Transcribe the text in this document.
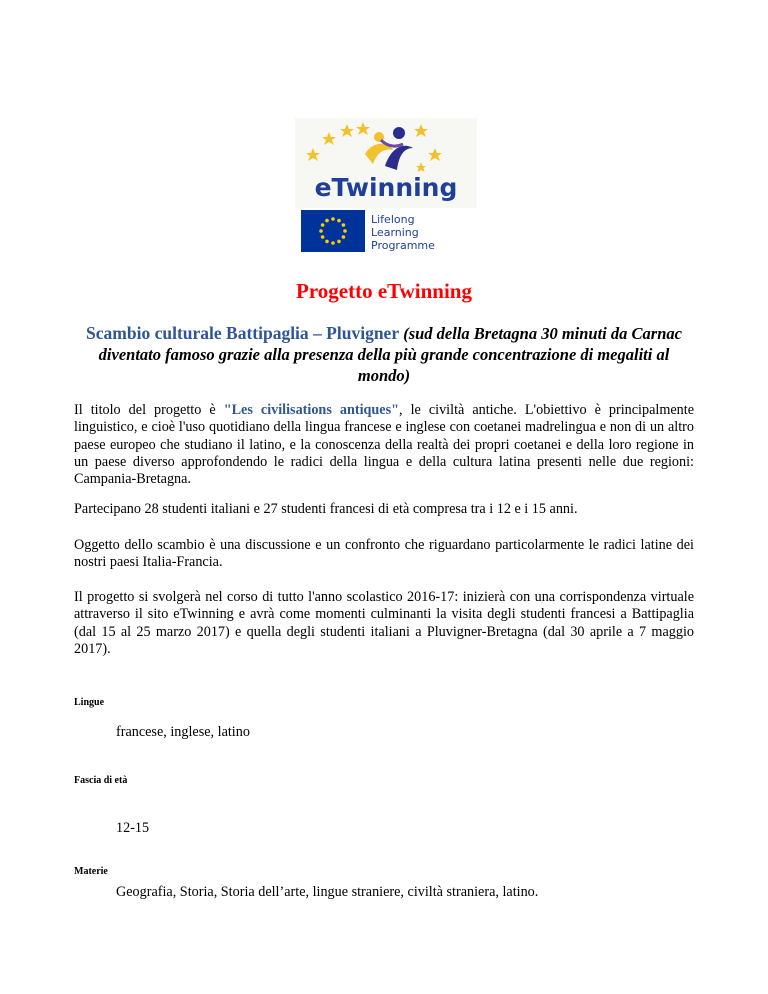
eTwinning
Lifelong
Learning
Programme
Progetto eTwinning
Scambio culturale Battipaglia – Pluvigner (sud della Bretagna 30 minuti da Carnac diventato famoso grazie alla presenza della più grande concentrazione di megaliti al mondo)

Il titolo del progetto è "Les civilisations antiques", le civiltà antiche. L'obiettivo è principalmente linguistico, e cioè l'uso quotidiano della lingua francese e inglese con coetanei madrelingua e non di un altro paese europeo che studiano il latino, e la conoscenza della realtà dei propri coetanei e della loro regione in un paese diverso approfondendo le radici della lingua e della cultura latina presenti nelle due regioni: Campania-Bretagna.

Partecipano 28 studenti italiani e 27 studenti francesi di età compresa tra i 12 e i 15 anni.

Oggetto dello scambio è una discussione e un confronto che riguardano particolarmente le radici latine dei nostri paesi Italia-Francia.

Il progetto si svolgerà nel corso di tutto l'anno scolastico 2016-17: inizierà con una corrispondenza virtuale attraverso il sito eTwinning e avrà come momenti culminanti la visita degli studenti francesi a Battipaglia (dal 15 al 25 marzo 2017) e quella degli studenti italiani a Pluvigner-Bretagna (dal 30 aprile a 7 maggio 2017).

Lingue
francese, inglese, latino
Fascia di età
12-15
Materie
Geografia, Storia, Storia dell’arte, lingue straniere, civiltà straniera, latino.
